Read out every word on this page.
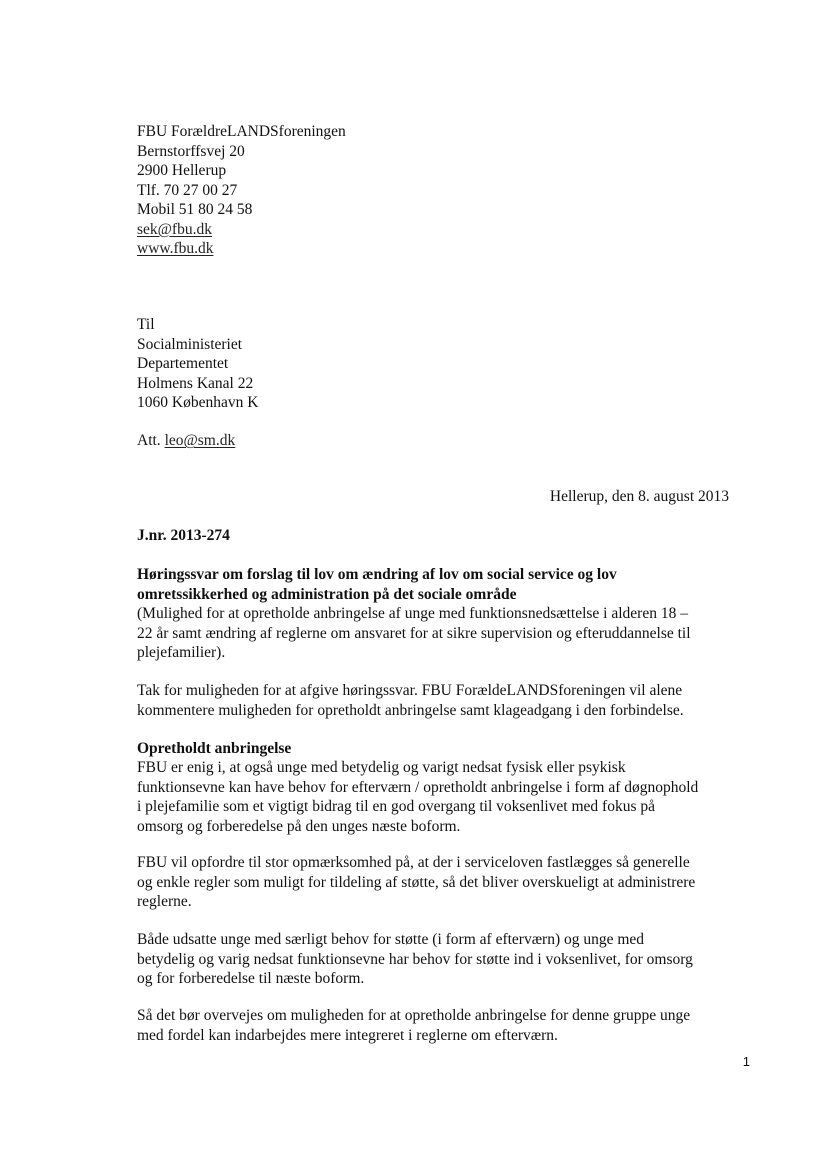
FBU ForældreLANDSforeningen
Bernstorffsvej 20
2900 Hellerup
Tlf. 70 27 00 27
Mobil 51 80 24 58
sek@fbu.dk
www.fbu.dk
Til
Socialministeriet
Departementet
Holmens Kanal 22
1060 København K
Att. leo@sm.dk
Hellerup, den 8. august 2013
J.nr. 2013-274
Høringssvar om forslag til lov om ændring af lov om social service og lov
omretssikkerhed og administration på det sociale område
(Mulighed for at opretholde anbringelse af unge med funktionsnedsættelse i alderen 18 –
22 år samt ændring af reglerne om ansvaret for at sikre supervision og efteruddannelse til
plejefamilier).
Tak for muligheden for at afgive høringssvar. FBU ForældeLANDSforeningen vil alene
kommentere muligheden for opretholdt anbringelse samt klageadgang i den forbindelse.
Opretholdt anbringelse
FBU er enig i, at også unge med betydelig og varigt nedsat fysisk eller psykisk
funktionsevne kan have behov for efterværn / opretholdt anbringelse i form af døgnophold
i plejefamilie som et vigtigt bidrag til en god overgang til voksenlivet med fokus på
omsorg og forberedelse på den unges næste boform.
FBU vil opfordre til stor opmærksomhed på, at der i serviceloven fastlægges så generelle
og enkle regler som muligt for tildeling af støtte, så det bliver overskueligt at administrere
reglerne.
Både udsatte unge med særligt behov for støtte (i form af efterværn) og unge med
betydelig og varig nedsat funktionsevne har behov for støtte ind i voksenlivet, for omsorg
og for forberedelse til næste boform.
Så det bør overvejes om muligheden for at opretholde anbringelse for denne gruppe unge
med fordel kan indarbejdes mere integreret i reglerne om efterværn.
1
